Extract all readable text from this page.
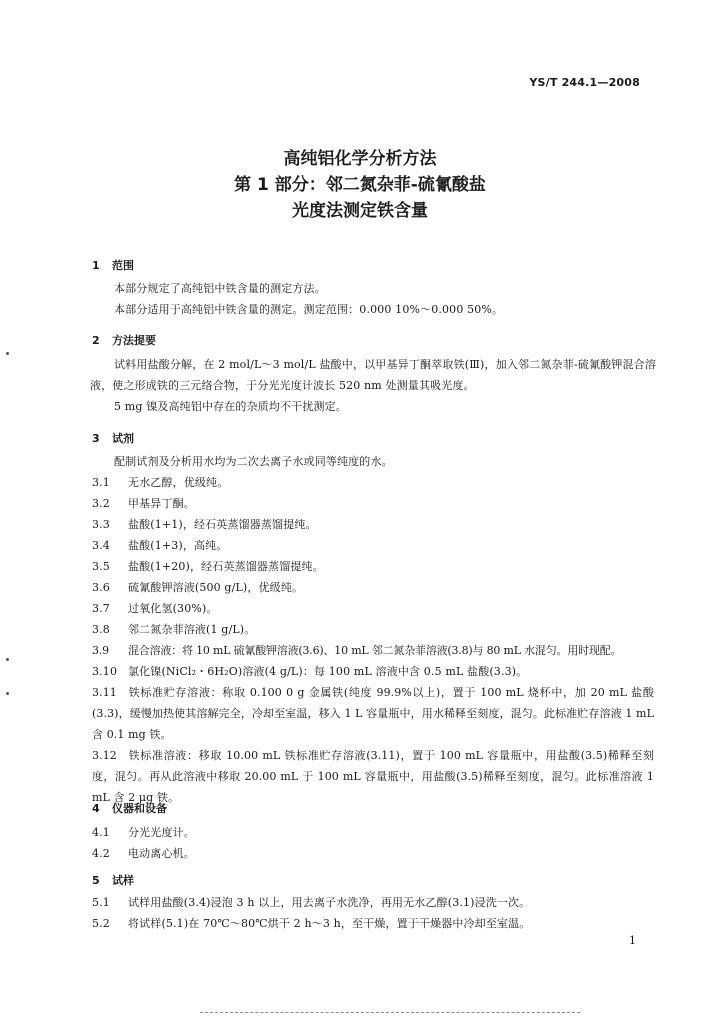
YS/T 244.1—2008
高纯铝化学分析方法
第 1 部分：邻二氮杂菲-硫氰酸盐
光度法测定铁含量
1 范围
本部分规定了高纯铝中铁含量的测定方法。
本部分适用于高纯铝中铁含量的测定。测定范围：0.000 10%～0.000 50%。
2 方法提要
试料用盐酸分解，在 2 mol/L～3 mol/L 盐酸中，以甲基异丁酮萃取铁(Ⅲ)，加入邻二氮杂菲-硫氰酸钾混合溶液，使之形成铁的三元络合物，于分光光度计波长 520 nm 处测量其吸光度。
5 mg 镍及高纯铝中存在的杂质均不干扰测定。
3 试剂
配制试剂及分析用水均为二次去离子水或同等纯度的水。
3.1 无水乙醇，优级纯。
3.2 甲基异丁酮。
3.3 盐酸(1+1)，经石英蒸馏器蒸馏提纯。
3.4 盐酸(1+3)，高纯。
3.5 盐酸(1+20)，经石英蒸馏器蒸馏提纯。
3.6 硫氰酸钾溶液(500 g/L)，优级纯。
3.7 过氧化氢(30%)。
3.8 邻二氮杂菲溶液(1 g/L)。
3.9 混合溶液：将 10 mL 硫氰酸钾溶液(3.6)、10 mL 邻二氮杂菲溶液(3.8)与 80 mL 水混匀。用时现配。
3.10 氯化镍(NiCl₂・6H₂O)溶液(4 g/L)：每 100 mL 溶液中含 0.5 mL 盐酸(3.3)。
3.11 铁标准贮存溶液：称取 0.100 0 g 金属铁(纯度 99.9%以上)，置于 100 mL 烧杯中，加 20 mL 盐酸(3.3)，缓慢加热使其溶解完全，冷却至室温，移入 1 L 容量瓶中，用水稀释至刻度，混匀。此标准贮存溶液 1 mL 含 0.1 mg 铁。
3.12 铁标准溶液：移取 10.00 mL 铁标准贮存溶液(3.11)，置于 100 mL 容量瓶中，用盐酸(3.5)稀释至刻度，混匀。再从此溶液中移取 20.00 mL 于 100 mL 容量瓶中，用盐酸(3.5)稀释至刻度，混匀。此标准溶液 1 mL 含 2 μg 铁。
4 仪器和设备
4.1 分光光度计。
4.2 电动离心机。
5 试样
5.1 试样用盐酸(3.4)浸泡 3 h 以上，用去离子水洗净，再用无水乙醇(3.1)浸洗一次。
5.2 将试样(5.1)在 70℃～80℃烘干 2 h～3 h，至干燥，置于干燥器中冷却至室温。
1
